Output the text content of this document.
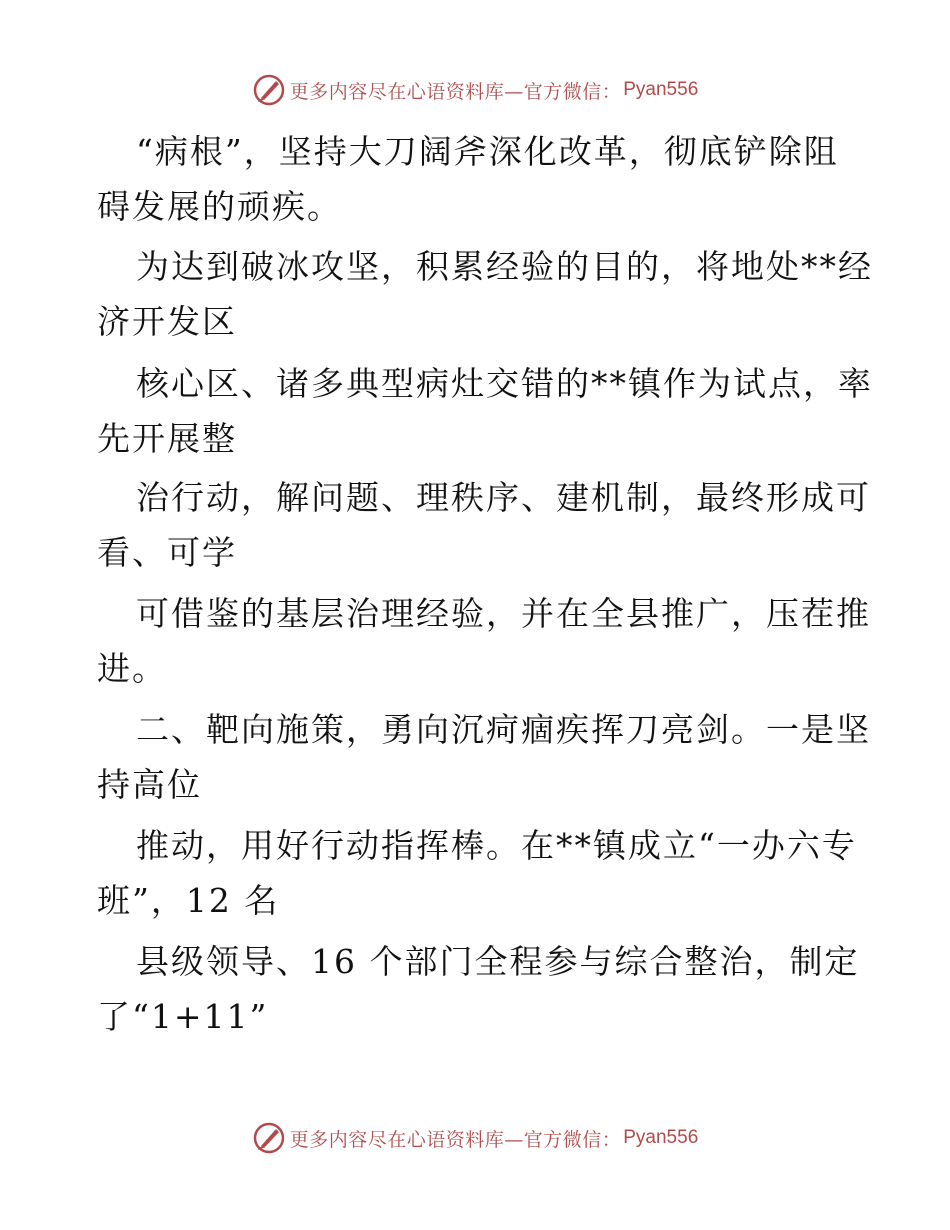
更多内容尽在心语资料库—官方微信： Pyan556
“病根”，坚持大刀阔斧深化改革，彻底铲除阻
碍发展的顽疾。
为达到破冰攻坚，积累经验的目的，将地处**经
济开发区
核心区、诸多典型病灶交错的**镇作为试点，率
先开展整
治行动，解问题、理秩序、建机制，最终形成可
看、可学
可借鉴的基层治理经验，并在全县推广，压茬推
进。
二、靶向施策，勇向沉疴痼疾挥刀亮剑。一是坚
持高位
推动，用好行动指挥棒。在**镇成立“一办六专
班”，12 名
县级领导、16 个部门全程参与综合整治，制定
了“1+11”
更多内容尽在心语资料库—官方微信： Pyan556
